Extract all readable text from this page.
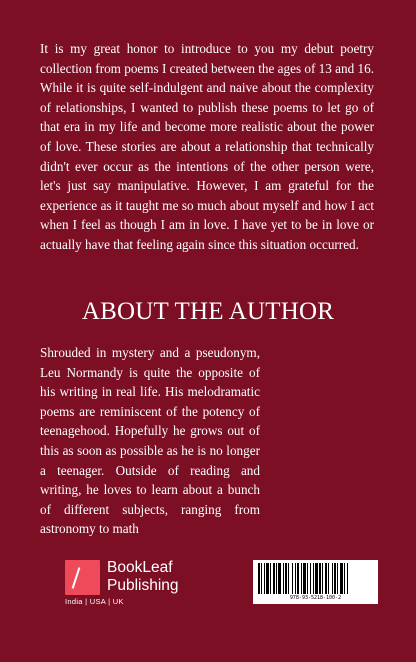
It is my great honor to introduce to you my debut poetry collection from poems I created between the ages of 13 and 16. While it is quite self-indulgent and naive about the complexity of relationships, I wanted to publish these poems to let go of that era in my life and become more realistic about the power of love. These stories are about a relationship that technically didn't ever occur as the intentions of the other person were, let's just say manipulative. However, I am grateful for the experience as it taught me so much about myself and how I act when I feel as though I am in love. I have yet to be in love or actually have that feeling again since this situation occurred.

ABOUT THE AUTHOR

Shrouded in mystery and a pseudonym, Leu Normandy is quite the opposite of his writing in real life. His melodramatic poems are reminiscent of the potency of teenagehood. Hopefully he grows out of this as soon as possible as he is no longer a teenager. Outside of reading and writing, he loves to learn about a bunch of different subjects, ranging from astronomy to math

BookLeaf
Publishing
India | USA | UK	978-93-5218-100-2
